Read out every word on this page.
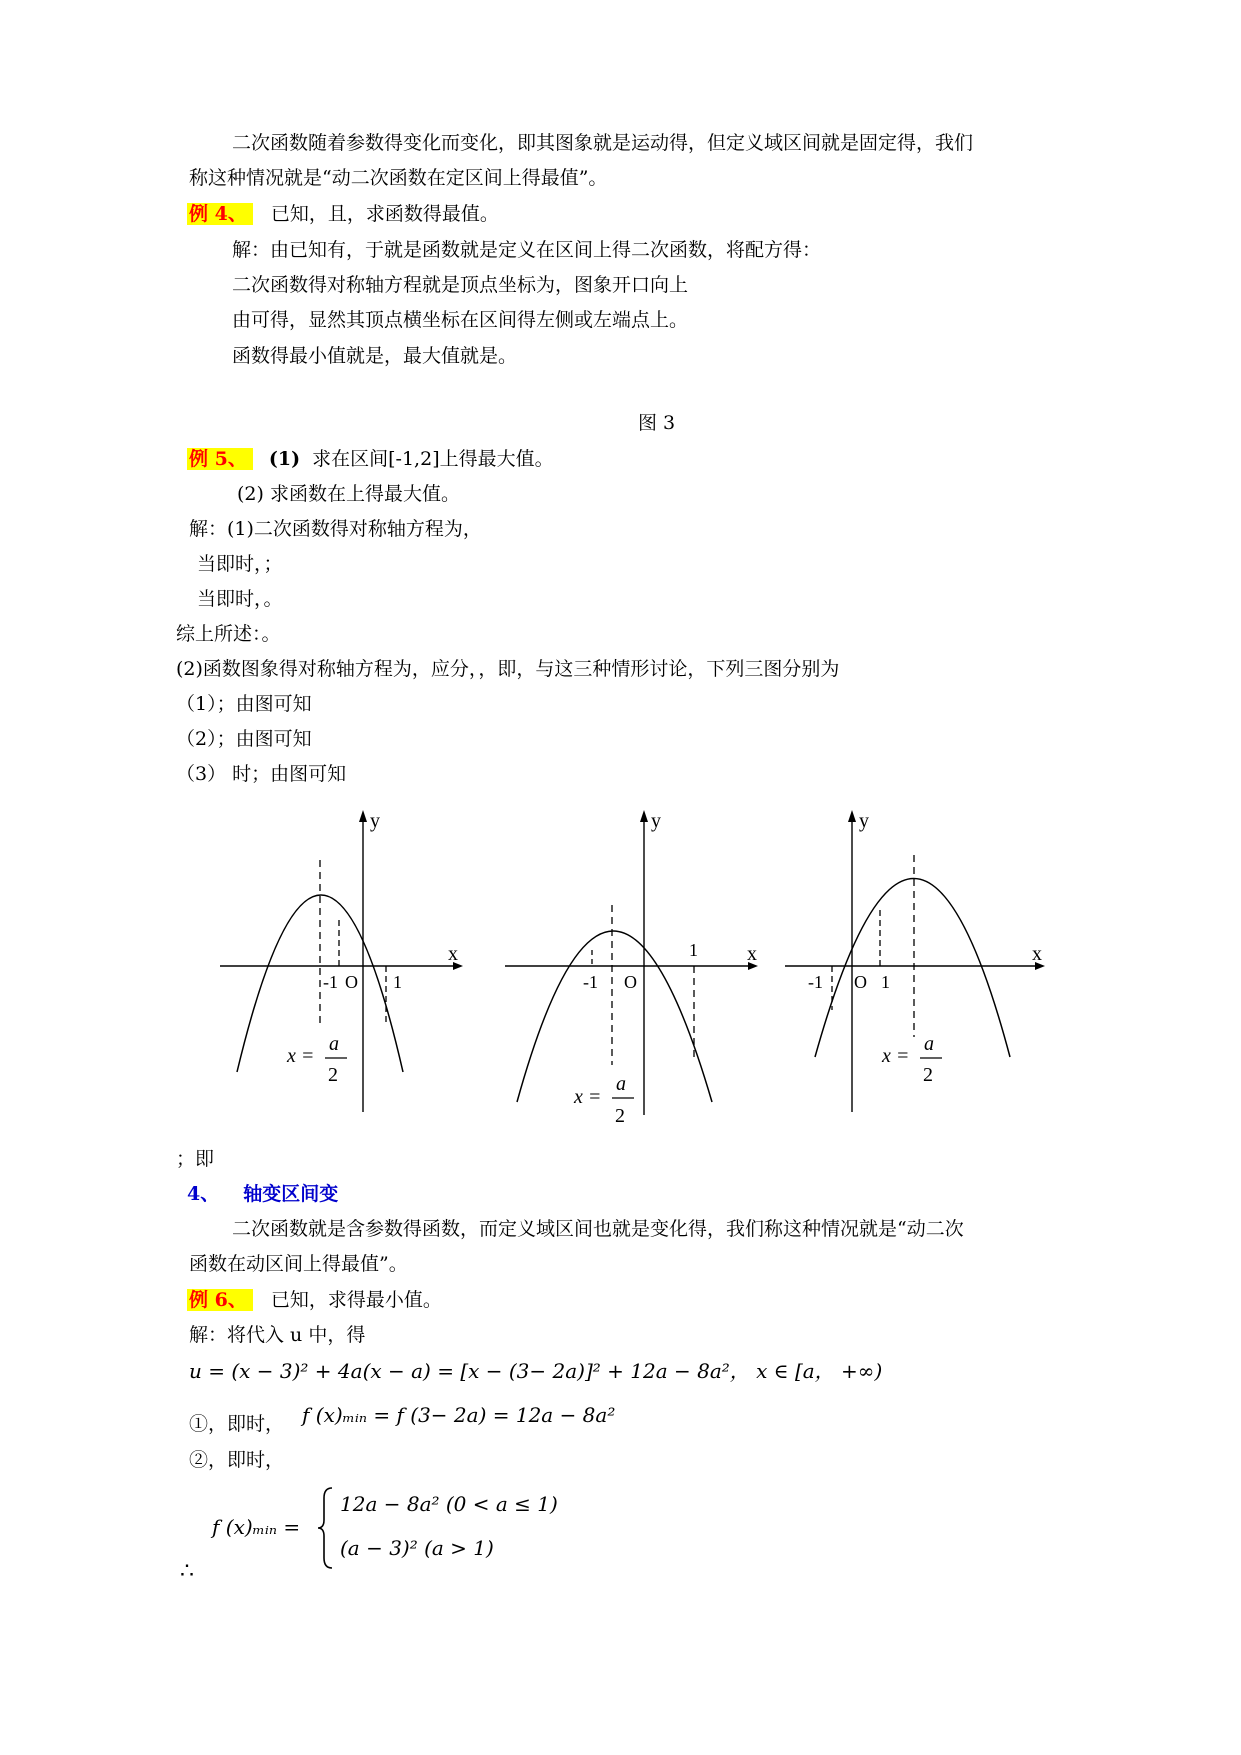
二次函数随着参数得变化而变化，即其图象就是运动得，但定义域区间就是固定得，我们
称这种情况就是“动二次函数在定区间上得最值”。
例 4、 已知，且，求函数得最值。
解：由已知有，于就是函数就是定义在区间上得二次函数，将配方得：
二次函数得对称轴方程就是顶点坐标为，图象开口向上
由可得，显然其顶点横坐标在区间得左侧或左端点上。
函数得最小值就是，最大值就是。
图 3
例 5、 (1) 求在区间[-1,2]上得最大值。
(2) 求函数在上得最大值。
解：(1)二次函数得对称轴方程为，
当即时，；
当即时，。
综上所述：。
(2)函数图象得对称轴方程为，应分，，即，与这三种情形讨论，下列三图分别为
（1）；由图可知
（2）；由图可知
（3） 时；由图可知
x
y
-1 O 1
x =
a
2
x
y
-1 O
1
x =
a
2
x
y
-1 O 1
x =
a
2
；即
4、 轴变区间变
二次函数就是含参数得函数，而定义域区间也就是变化得，我们称这种情况就是“动二次
函数在动区间上得最值”。
例 6、 已知，求得最小值。
解：将代入 u 中，得
u = (x − 3)² + 4a(x − a) = [x − (3− 2a)]² + 12a − 8a²， x ∈ [a， +∞)
①，即时， f (x)ₘᵢₙ = f (3− 2a) = 12a − 8a²
②，即时，
f (x)ₘᵢₙ =
12a − 8a² (0 < a ≤ 1)
(a − 3)² (a > 1)
∴
